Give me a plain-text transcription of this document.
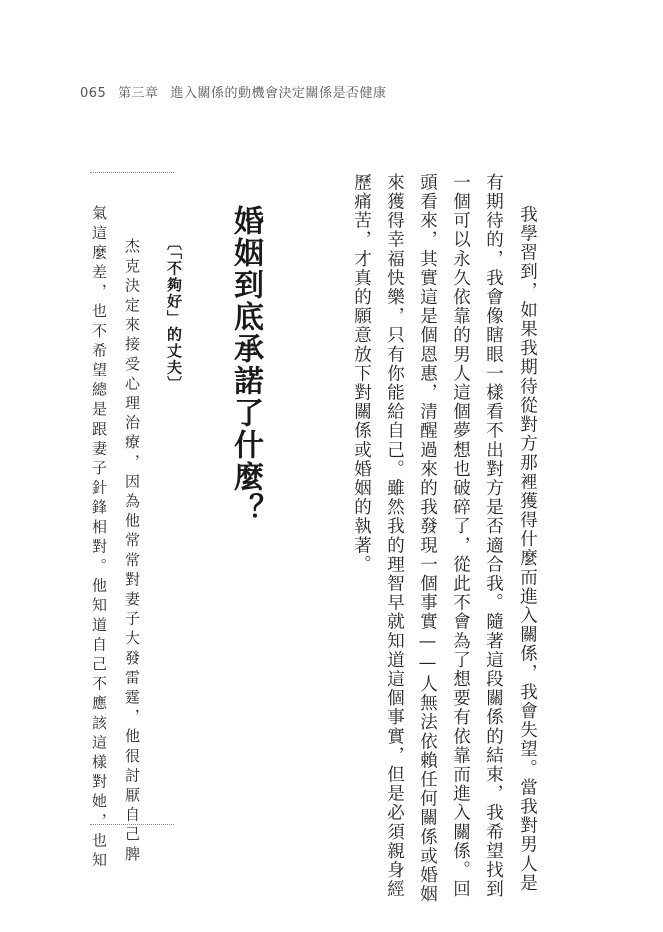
065 第三章 進入關係的動機會決定關係是否健康
我學習到，如果我期待從對方那裡獲得什麼而進入關係，我會失望。當我對男人是
有期待的，我會像瞎眼一樣看不出對方是否適合我。隨著這段關係的結束，我希望找到
一個可以永久依靠的男人這個夢想也破碎了，從此不會為了想要有依靠而進入關係。回
頭看來，其實這是個恩惠，清醒過來的我發現一個事實——人無法依賴任何關係或婚姻
來獲得幸福快樂，只有你能給自己。雖然我的理智早就知道這個事實，但是必須親身經
歷痛苦，才真的願意放下對關係或婚姻的執著。
婚姻到底承諾了什麼？
〔「不夠好」的丈夫〕
杰克決定來接受心理治療，因為他常常對妻子大發雷霆，他很討厭自己脾
氣這麼差，也不希望總是跟妻子針鋒相對。他知道自己不應該這樣對她，也知
